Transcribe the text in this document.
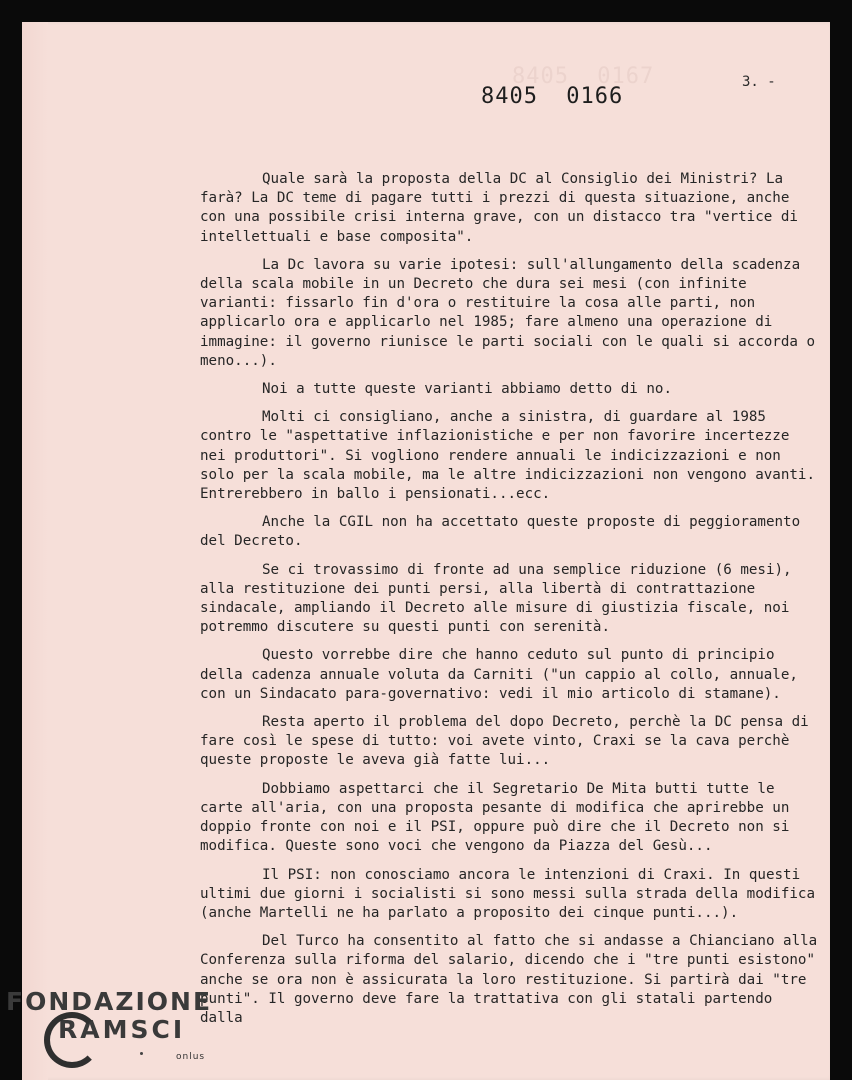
8405 0167	3. -
8405 0166

Quale sarà la proposta della DC al Consiglio dei Ministri? La farà? La DC teme di pagare tutti i prezzi di questa situazione, anche con una possibile crisi interna grave, con un distacco tra "vertice di intellettuali e base composita".

La Dc lavora su varie ipotesi: sull'allungamento della scadenza della scala mobile in un Decreto che dura sei mesi (con infinite varianti: fissarlo fin d'ora o restituire la cosa alle parti, non applicarlo ora e applicarlo nel 1985; fare almeno una operazione di immagine: il governo riunisce le parti sociali con le quali si accorda o meno...).

Noi a tutte queste varianti abbiamo detto di no.

Molti ci consigliano, anche a sinistra, di guardare al 1985 contro le "aspettative inflazionistiche e per non favorire incertezze nei produttori". Si vogliono rendere annuali le indicizzazioni e non solo per la scala mobile, ma le altre indicizzazioni non vengono avanti. Entrerebbero in ballo i pensionati...ecc.

Anche la CGIL non ha accettato queste proposte di peggioramento del Decreto.

Se ci trovassimo di fronte ad una semplice riduzione (6 mesi), alla restituzione dei punti persi, alla libertà di contrattazione sindacale, ampliando il Decreto alle misure di giustizia fiscale, noi potremmo discutere su questi punti con serenità.

Questo vorrebbe dire che hanno ceduto sul punto di principio della cadenza annuale voluta da Carniti ("un cappio al collo, annuale, con un Sindacato para-governativo: vedi il mio articolo di stamane).

Resta aperto il problema del dopo Decreto, perchè la DC pensa di fare così le spese di tutto: voi avete vinto, Craxi se la cava perchè queste proposte le aveva già fatte lui...

Dobbiamo aspettarci che il Segretario De Mita butti tutte le carte all'aria, con una proposta pesante di modifica che aprirebbe un doppio fronte con noi e il PSI, oppure può dire che il Decreto non si modifica. Queste sono voci che vengono da Piazza del Gesù...

Il PSI: non conosciamo ancora le intenzioni di Craxi. In questi ultimi due giorni i socialisti si sono messi sulla strada della modifica (anche Martelli ne ha parlato a proposito dei cinque punti...).

Del Turco ha consentito al fatto che si andasse a Chianciano alla Conferenza sulla riforma del salario, dicendo che i "tre punti esistono" anche se ora non è assicurata la loro restituzione. Si partirà dai "tre punti". Il governo deve fare la trattativa con gli statali partendo dalla

FONDAZIONE
RAMSCI
onlus
